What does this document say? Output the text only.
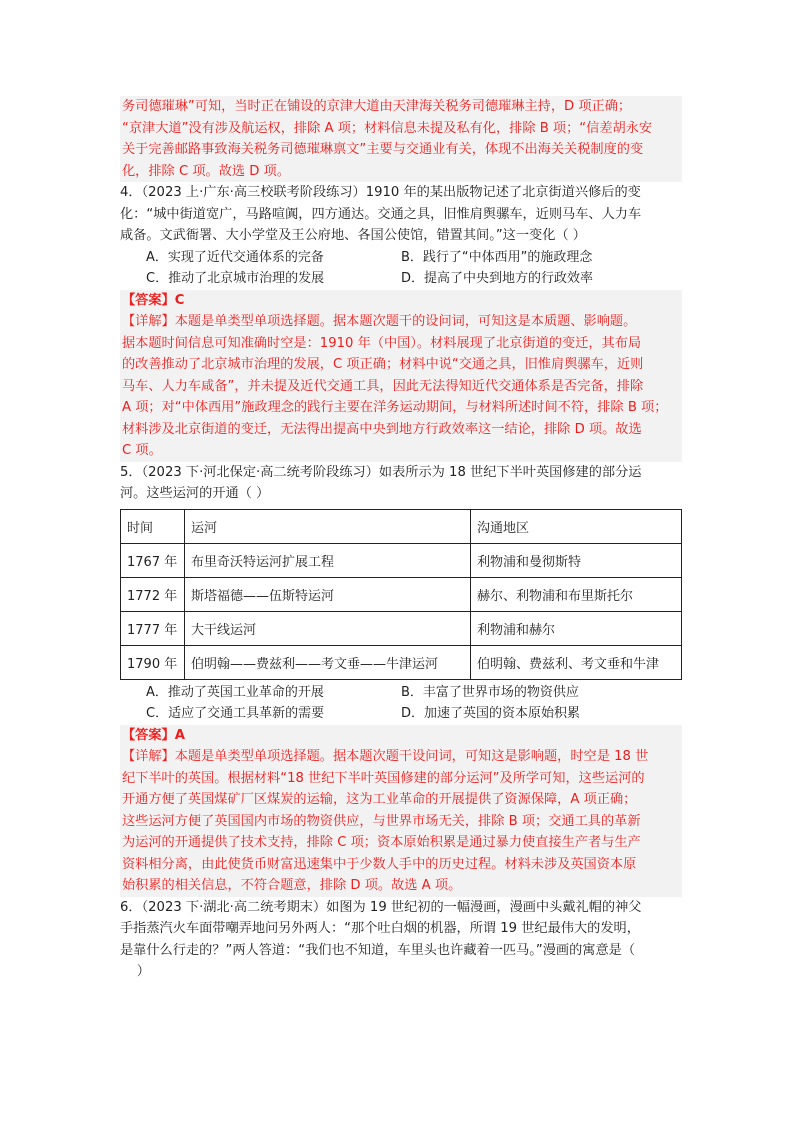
务司德璀琳”可知，当时正在铺设的京津大道由天津海关税务司德璀琳主持，D 项正确；
“京津大道”没有涉及航运权，排除 A 项；材料信息未提及私有化，排除 B 项；“信差胡永安
关于完善邮路事致海关税务司德璀琳禀文”主要与交通业有关，体现不出海关关税制度的变
化，排除 C 项。故选 D 项。
4．（2023 上·广东·高三校联考阶段练习）1910 年的某出版物记述了北京街道兴修后的变
化：“城中街道宽广，马路喧阗，四方通达。交通之具，旧惟肩舆骡车，近则马车、人力车
咸备。文武衙署、大小学堂及王公府地、各国公使馆，错置其间。”这一变化（ ）
A．实现了近代交通体系的完备	B．践行了“中体西用”的施政理念
C．推动了北京城市治理的发展	D．提高了中央到地方的行政效率
【答案】C
【详解】本题是单类型单项选择题。据本题次题干的设问词，可知这是本质题、影响题。
据本题时间信息可知准确时空是：1910 年（中国）。材料展现了北京街道的变迁，其布局
的改善推动了北京城市治理的发展，C 项正确；材料中说“交通之具，旧惟肩舆骡车，近则
马车、人力车咸备”，并未提及近代交通工具，因此无法得知近代交通体系是否完备，排除
A 项；对“中体西用”施政理念的践行主要在洋务运动期间，与材料所述时间不符，排除 B 项；
材料涉及北京街道的变迁，无法得出提高中央到地方行政效率这一结论，排除 D 项。故选
C 项。
5．（2023 下·河北保定·高二统考阶段练习）如表所示为 18 世纪下半叶英国修建的部分运
河。这些运河的开通（ ）
时间	运河	沟通地区
1767 年	布里奇沃特运河扩展工程	利物浦和曼彻斯特
1772 年	斯塔福德——伍斯特运河	赫尔、利物浦和布里斯托尔
1777 年	大干线运河	利物浦和赫尔
1790 年	伯明翰——费兹利——考文垂——牛津运河	伯明翰、费兹利、考文垂和牛津
A．推动了英国工业革命的开展	B．丰富了世界市场的物资供应
C．适应了交通工具革新的需要	D．加速了英国的资本原始积累
【答案】A
【详解】本题是单类型单项选择题。据本题次题干设问词，可知这是影响题，时空是 18 世
纪下半叶的英国。根据材料“18 世纪下半叶英国修建的部分运河”及所学可知，这些运河的
开通方便了英国煤矿厂区煤炭的运输，这为工业革命的开展提供了资源保障，A 项正确；
这些运河方便了英国国内市场的物资供应，与世界市场无关，排除 B 项；交通工具的革新
为运河的开通提供了技术支持，排除 C 项；资本原始积累是通过暴力使直接生产者与生产
资料相分离，由此使货币财富迅速集中于少数人手中的历史过程。材料未涉及英国资本原
始积累的相关信息，不符合题意，排除 D 项。故选 A 项。
6．（2023 下·湖北·高二统考期末）如图为 19 世纪初的一幅漫画，漫画中头戴礼帽的神父
手指蒸汽火车面带嘲弄地问另外两人：“那个吐白烟的机器，所谓 19 世纪最伟大的发明，
是靠什么行走的？”两人答道：“我们也不知道，车里头也许藏着一匹马。”漫画的寓意是（
）
